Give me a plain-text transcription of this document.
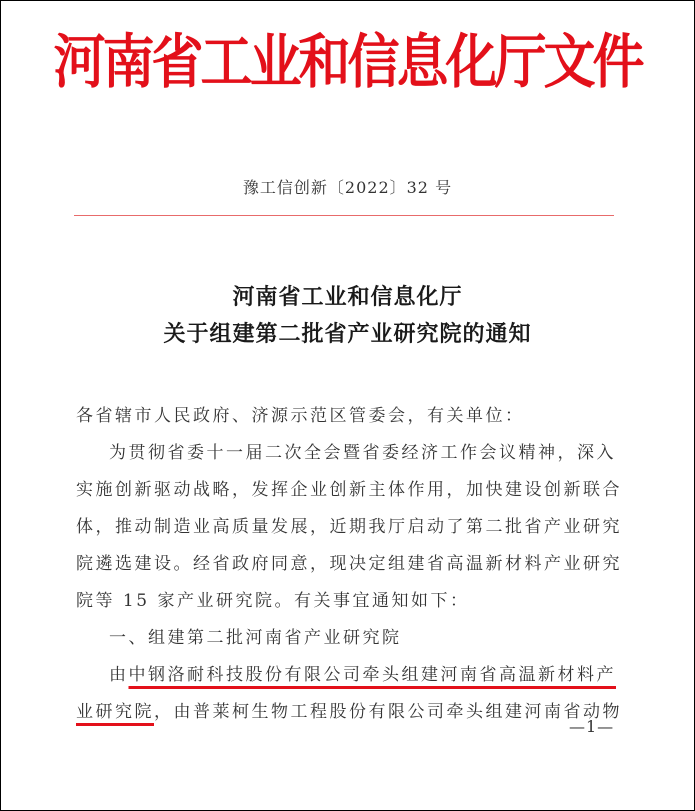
河南省工业和信息化厅文件
豫工信创新〔2022〕32 号
河南省工业和信息化厅
关于组建第二批省产业研究院的通知
各省辖市人民政府、济源示范区管委会，有关单位：
为贯彻省委十一届二次全会暨省委经济工作会议精神，深入
实施创新驱动战略，发挥企业创新主体作用，加快建设创新联合
体，推动制造业高质量发展，近期我厅启动了第二批省产业研究
院遴选建设。经省政府同意，现决定组建省高温新材料产业研究
院等 15 家产业研究院。有关事宜通知如下：
一、组建第二批河南省产业研究院
由中钢洛耐科技股份有限公司牵头组建河南省高温新材料产
业研究院，由普莱柯生物工程股份有限公司牵头组建河南省动物
—1—
